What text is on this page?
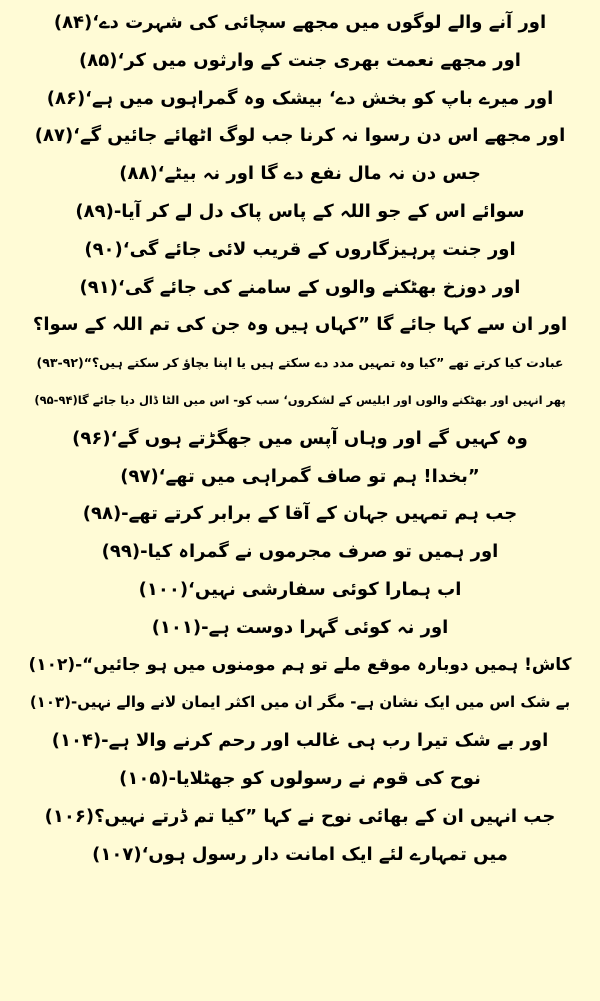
اور آنے والے لوگوں میں مجھے سچائی کی شہرت دے‘(۸۴)
اور مجھے نعمت بھری جنت کے وارثوں میں کر‘(۸۵)
اور میرے باپ کو بخش دے‘ بیشک وہ گمراہوں میں ہے‘(۸۶)
اور مجھے اس دن رسوا نہ کرنا جب لوگ اٹھائے جائیں گے‘(۸۷)
جس دن نہ مال نفع دے گا اور نہ بیٹے‘(۸۸)
سوائے اس کے جو اللہ کے پاس پاک دل لے کر آیا-(۸۹)
اور جنت پرہیزگاروں کے قریب لائی جائے گی‘(۹۰)
اور دوزخ بھٹکنے والوں کے سامنے کی جائے گی‘(۹۱)
اور ان سے کہا جائے گا ”کہاں ہیں وہ جن کی تم اللہ کے سوا؟
عبادت کیا کرتے تھے ”کیا وہ تمہیں مدد دے سکتے ہیں یا اپنا بچاؤ کر سکتے ہیں؟“(۹۲-۹۳)
پھر انہیں اور بھٹکنے والوں اور ابلیس کے لشکروں‘ سب کو- اس میں الٹا ڈال دیا جائے گا(۹۴-۹۵)
وہ کہیں گے اور وہاں آپس میں جھگڑتے ہوں گے‘(۹۶)
”بخدا! ہم تو صاف گمراہی میں تھے‘(۹۷)
جب ہم تمہیں جہان کے آقا کے برابر کرتے تھے-(۹۸)
اور ہمیں تو صرف مجرموں نے گمراہ کیا-(۹۹)
اب ہمارا کوئی سفارشی نہیں‘(۱۰۰)
اور نہ کوئی گہرا دوست ہے-(۱۰۱)
کاش! ہمیں دوبارہ موقع ملے تو ہم مومنوں میں ہو جائیں“-(۱۰۲)
بے شک اس میں ایک نشان ہے- مگر ان میں اکثر ایمان لانے والے نہیں-(۱۰۳)
اور بے شک تیرا رب ہی غالب اور رحم کرنے والا ہے-(۱۰۴)
نوح کی قوم نے رسولوں کو جھٹلایا-(۱۰۵)
جب انہیں ان کے بھائی نوح نے کہا ”کیا تم ڈرتے نہیں؟(۱۰۶)
میں تمہارے لئے ایک امانت دار رسول ہوں‘(۱۰۷)
